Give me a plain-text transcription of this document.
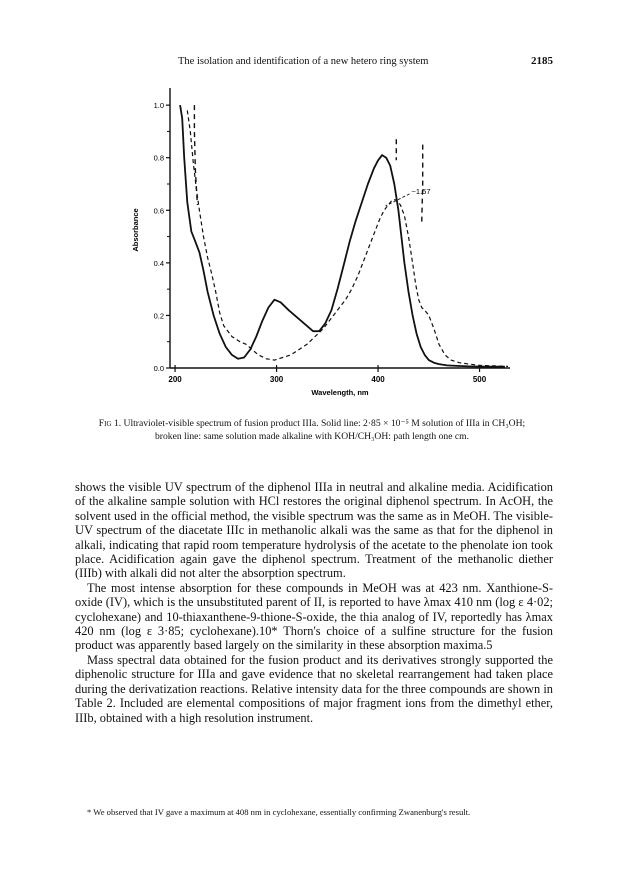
The isolation and identification of a new hetero ring system	2185
0.0
0.2
0.4
0.6
0.8
1.0
200	300	400	500
~1.57
Wavelength, nm
Absorbance
Fig 1. Ultraviolet-visible spectrum of fusion product IIIa. Solid line: 2·85 × 10⁻⁵ M solution of IIIa in CH₃OH; broken line: same solution made alkaline with KOH/CH₃OH: path length one cm.

shows the visible UV spectrum of the diphenol IIIa in neutral and alkaline media. Acidification of the alkaline sample solution with HCl restores the original diphenol spectrum. In AcOH, the solvent used in the official method, the visible spectrum was the same as in MeOH. The visible-UV spectrum of the diacetate IIIc in methanolic alkali was the same as that for the diphenol in alkali, indicating that rapid room temperature hydrolysis of the acetate to the phenolate ion took place. Acidification again gave the diphenol spectrum. Treatment of the methanolic diether (IIIb) with alkali did not alter the absorption spectrum.

The most intense absorption for these compounds in MeOH was at 423 nm. Xanthione-S-oxide (IV), which is the unsubstituted parent of II, is reported to have λmax 410 nm (log ε 4·02; cyclohexane) and 10-thiaxanthene-9-thione-S-oxide, the thia analog of IV, reportedly has λmax 420 nm (log ε 3·85; cyclohexane).10* Thorn's choice of a sulfine structure for the fusion product was apparently based largely on the similarity in these absorption maxima.5

Mass spectral data obtained for the fusion product and its derivatives strongly supported the diphenolic structure for IIIa and gave evidence that no skeletal rearrangement had taken place during the derivatization reactions. Relative intensity data for the three compounds are shown in Table 2. Included are elemental compositions of major fragment ions from the dimethyl ether, IIIb, obtained with a high resolution instrument.

* We observed that IV gave a maximum at 408 nm in cyclohexane, essentially confirming Zwanenburg's result.
